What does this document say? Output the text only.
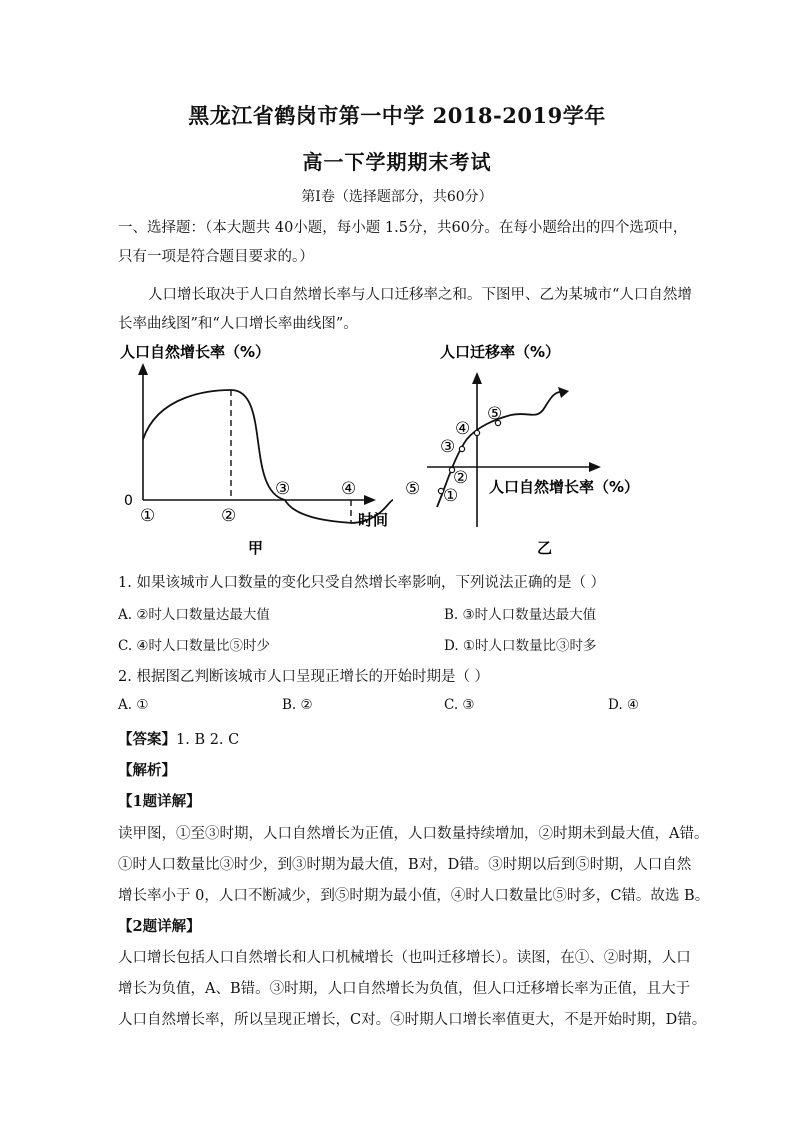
黑龙江省鹤岗市第一中学 2018-2019学年
高一下学期期末考试
第Ⅰ卷（选择题部分，共60分）
一、选择题：（本大题共 40小题，每小题 1.5分，共60分。在每小题给出的四个选项中，
只有一项是符合题目要求的。）
人口增长取决于人口自然增长率与人口迁移率之和。下图甲、乙为某城市“人口自然增
长率曲线图”和“人口增长率曲线图”。
人口自然增长率（%）
0
①	②
③	④	⑤
时间
甲
人口迁移率（%）
①
②
③
④
⑤
人口自然增长率（%）
乙
1. 如果该城市人口数量的变化只受自然增长率影响，下列说法正确的是（ ）
A. ②时人口数量达最大值	B. ③时人口数量达最大值
C. ④时人口数量比⑤时少	D. ①时人口数量比③时多
2. 根据图乙判断该城市人口呈现正增长的开始时期是（ ）
A. ①	B. ②	C. ③	D. ④
【答案】1. B 2. C
【解析】
【1题详解】
读甲图，①至③时期，人口自然增长为正值，人口数量持续增加，②时期未到最大值，A错。
①时人口数量比③时少，到③时期为最大值，B对，D错。③时期以后到⑤时期，人口自然
增长率小于 0，人口不断减少，到⑤时期为最小值，④时人口数量比⑤时多，C错。故选 B。
【2题详解】
人口增长包括人口自然增长和人口机械增长（也叫迁移增长）。读图，在①、②时期，人口
增长为负值，A、B错。③时期，人口自然增长为负值，但人口迁移增长率为正值，且大于
人口自然增长率，所以呈现正增长，C对。④时期人口增长率值更大，不是开始时期，D错。
